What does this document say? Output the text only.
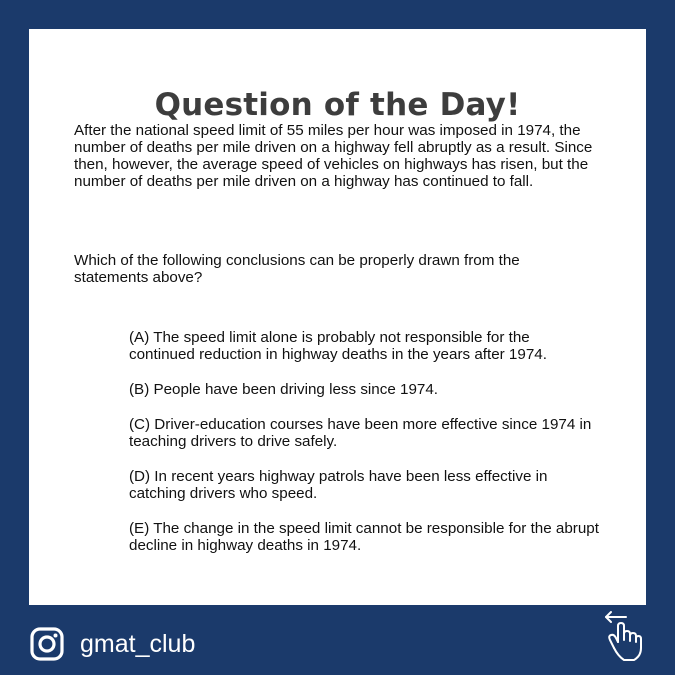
Question of the Day!

After the national speed limit of 55 miles per hour was imposed in 1974, the number of deaths per mile driven on a highway fell abruptly as a result. Since then, however, the average speed of vehicles on highways has risen, but the number of deaths per mile driven on a highway has continued to fall.

Which of the following conclusions can be properly drawn from the statements above?

(A) The speed limit alone is probably not responsible for the continued reduction in highway deaths in the years after 1974.
(B) People have been driving less since 1974.
(C) Driver-education courses have been more effective since 1974 in teaching drivers to drive safely.
(D) In recent years highway patrols have been less effective in catching drivers who speed.
(E) The change in the speed limit cannot be responsible for the abrupt decline in highway deaths in 1974.
gmat_club
